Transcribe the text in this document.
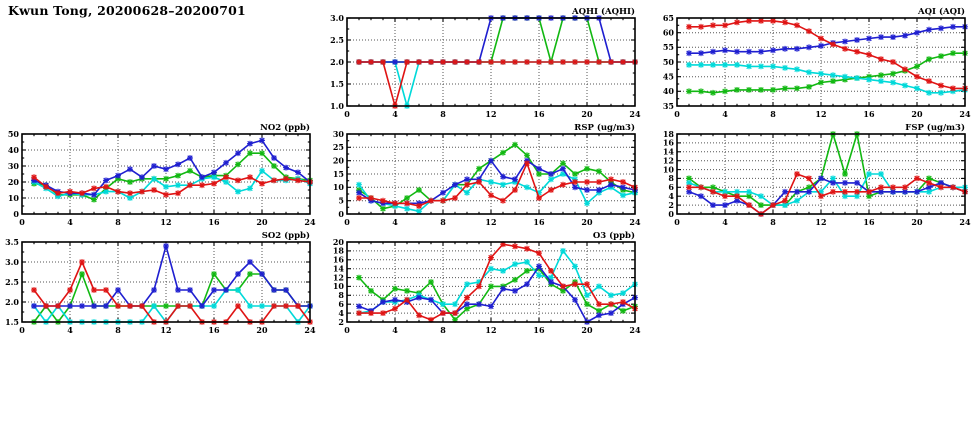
Kwun Tong, 20200628–20200701
0	4	8	12	16	20	24
1.0
1.5
2.0
2.5
3.0
AQHI (AQHI)
0	4	8	12	16	20	24
35
40
45
50
55
60
65
AQI (AQI)
0	4	8	12	16	20	24
0
10
20
30
40
50
NO2 (ppb)
0	4	8	12	16	20	24
0
5
10
15
20
25
30
RSP (ug/m3)
0	4	8	12	16	20	24
0
2
4
6
8
10
12
14
16
18
FSP (ug/m3)
0	4	8	12	16	20	24
1.5
2.0
2.5
3.0
3.5
SO2 (ppb)
0	4	8	12	16	20	24
2
4
6
8
10
12
14
16
18
20
O3 (ppb)
